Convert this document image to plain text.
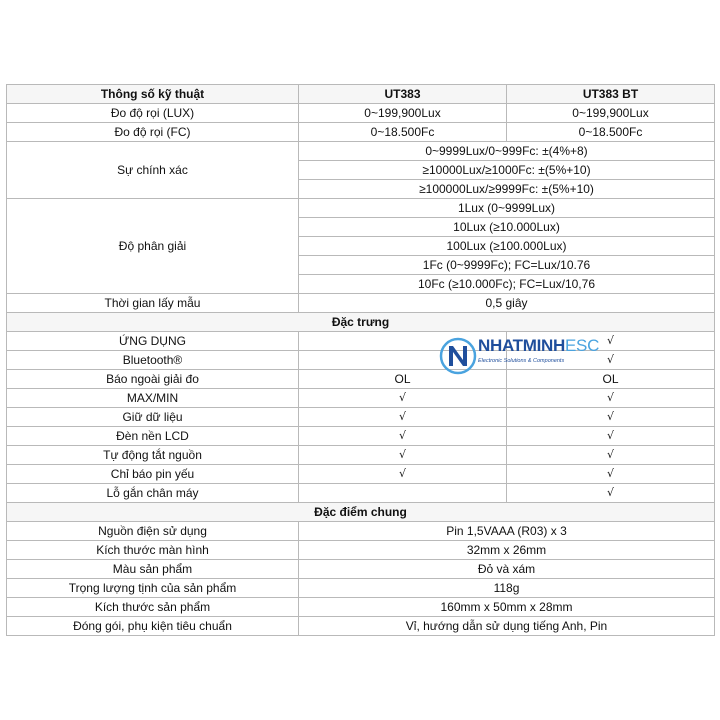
Thông số kỹ thuật	UT383	UT383 BT
Đo độ rọi (LUX)	0~199,900Lux	0~199,900Lux
Đo độ rọi (FC)	0~18.500Fc	0~18.500Fc
Sự chính xác	0~9999Lux/0~999Fc: ±(4%+8)	
	≥10000Lux/≥1000Fc: ±(5%+10)	
	≥100000Lux/≥9999Fc: ±(5%+10)	
Độ phân giải	1Lux (0~9999Lux)	
	10Lux (≥10.000Lux)	
	100Lux (≥100.000Lux)	
	1Fc (0~9999Fc); FC=Lux/10.76	
	10Fc (≥10.000Fc); FC=Lux/10,76	
Thời gian lấy mẫu	0,5 giây	
Đặc trưng		
ỨNG DỤNG		√
Bluetooth®		√
Báo ngoài giải đo	OL	OL
MAX/MIN	√	√
Giữ dữ liệu	√	√
Đèn nền LCD	√	√
Tự động tắt nguồn	√	√
Chỉ báo pin yếu	√	√
Lỗ gắn chân máy		√
Đặc điểm chung		
Nguồn điện sử dụng	Pin 1,5VAAA (R03) x 3	
Kích thước màn hình	32mm x 26mm	
Màu sản phẩm	Đỏ và xám	
Trọng lượng tịnh của sản phẩm	118g	
Kích thước sản phẩm	160mm x 50mm x 28mm	
Đóng gói, phụ kiện tiêu chuẩn	Vỉ, hướng dẫn sử dụng tiếng Anh, Pin	
NHATMINHESC
Electronic Solutions & Components
